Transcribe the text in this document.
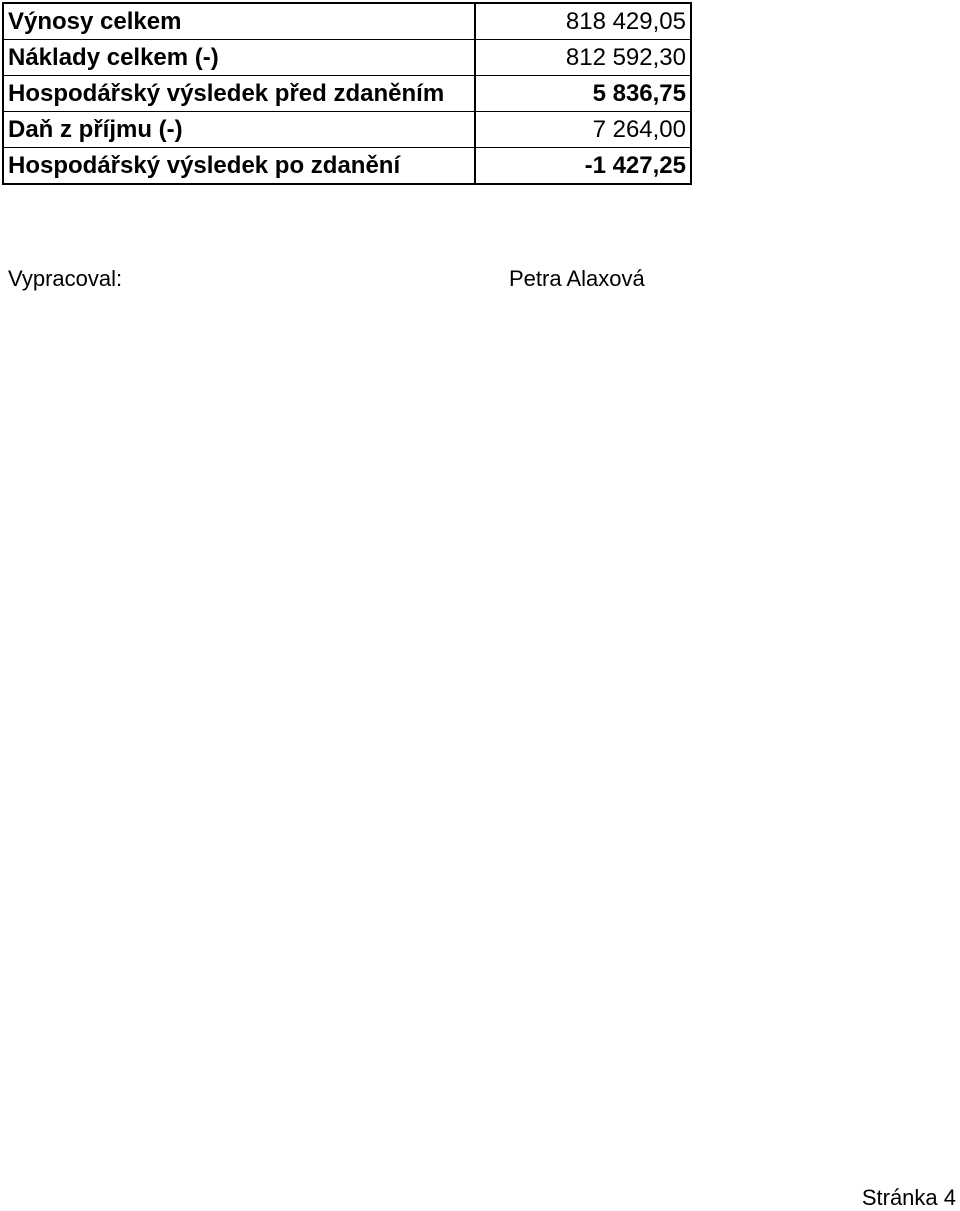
Výnosy celkem	818 429,05
Náklady celkem (-)	812 592,30
Hospodářský výsledek před zdaněním	5 836,75
Daň z příjmu (-)	7 264,00
Hospodářský výsledek po zdanění	-1 427,25
Vypracoval:	Petra Alaxová
Stránka 4
